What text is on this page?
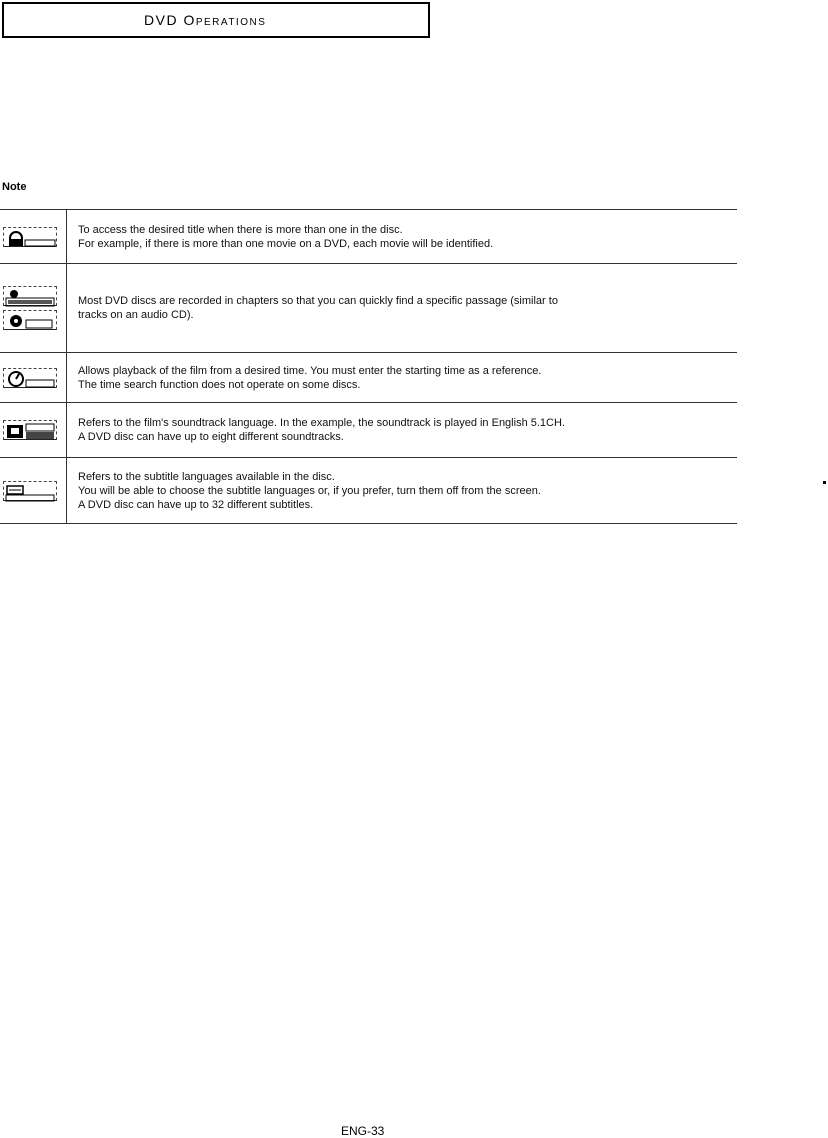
DVD Operations
Note

To access the desired title when there is more than one in the disc.
For example, if there is more than one movie on a DVD, each movie will be identified.

Most DVD discs are recorded in chapters so that you can quickly find a specific passage (similar to
tracks on an audio CD).

Allows playback of the film from a desired time. You must enter the starting time as a reference.
The time search function does not operate on some discs.

Refers to the film's soundtrack language. In the example, the soundtrack is played in English 5.1CH.
A DVD disc can have up to eight different soundtracks.

Refers to the subtitle languages available in the disc.
You will be able to choose the subtitle languages or, if you prefer, turn them off from the screen.
A DVD disc can have up to 32 different subtitles.
ENG-33
